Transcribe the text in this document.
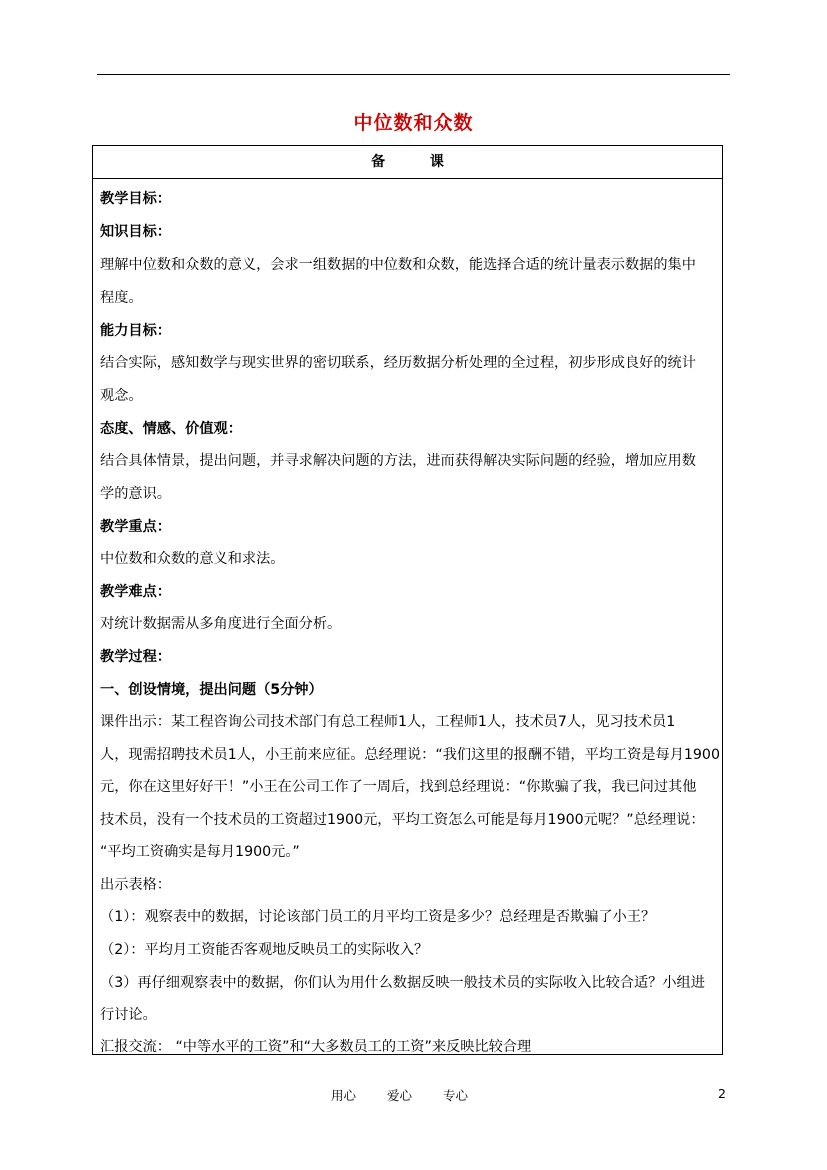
中位数和众数
备 课
教学目标：
知识目标：
理解中位数和众数的意义，会求一组数据的中位数和众数，能选择合适的统计量表示数据的集中
程度。
能力目标：
结合实际，感知数学与现实世界的密切联系，经历数据分析处理的全过程，初步形成良好的统计
观念。
态度、情感、价值观：
结合具体情景，提出问题，并寻求解决问题的方法，进而获得解决实际问题的经验，增加应用数
学的意识。
教学重点：
中位数和众数的意义和求法。
教学难点：
对统计数据需从多角度进行全面分析。
教学过程：
一、创设情境，提出问题（5分钟）
课件出示：某工程咨询公司技术部门有总工程师1人，工程师1人，技术员7人，见习技术员1
人，现需招聘技术员1人，小王前来应征。总经理说：“我们这里的报酬不错，平均工资是每月1900
元，你在这里好好干！”小王在公司工作了一周后，找到总经理说：“你欺骗了我，我已问过其他
技术员，没有一个技术员的工资超过1900元，平均工资怎么可能是每月1900元呢？”总经理说：
“平均工资确实是每月1900元。”
出示表格：
（1）：观察表中的数据，讨论该部门员工的月平均工资是多少？总经理是否欺骗了小王？
（2）：平均月工资能否客观地反映员工的实际收入？
（3）再仔细观察表中的数据，你们认为用什么数据反映一般技术员的实际收入比较合适？小组进
行讨论。
汇报交流： “中等水平的工资”和“大多数员工的工资”来反映比较合理
用心 爱心 专心	2
